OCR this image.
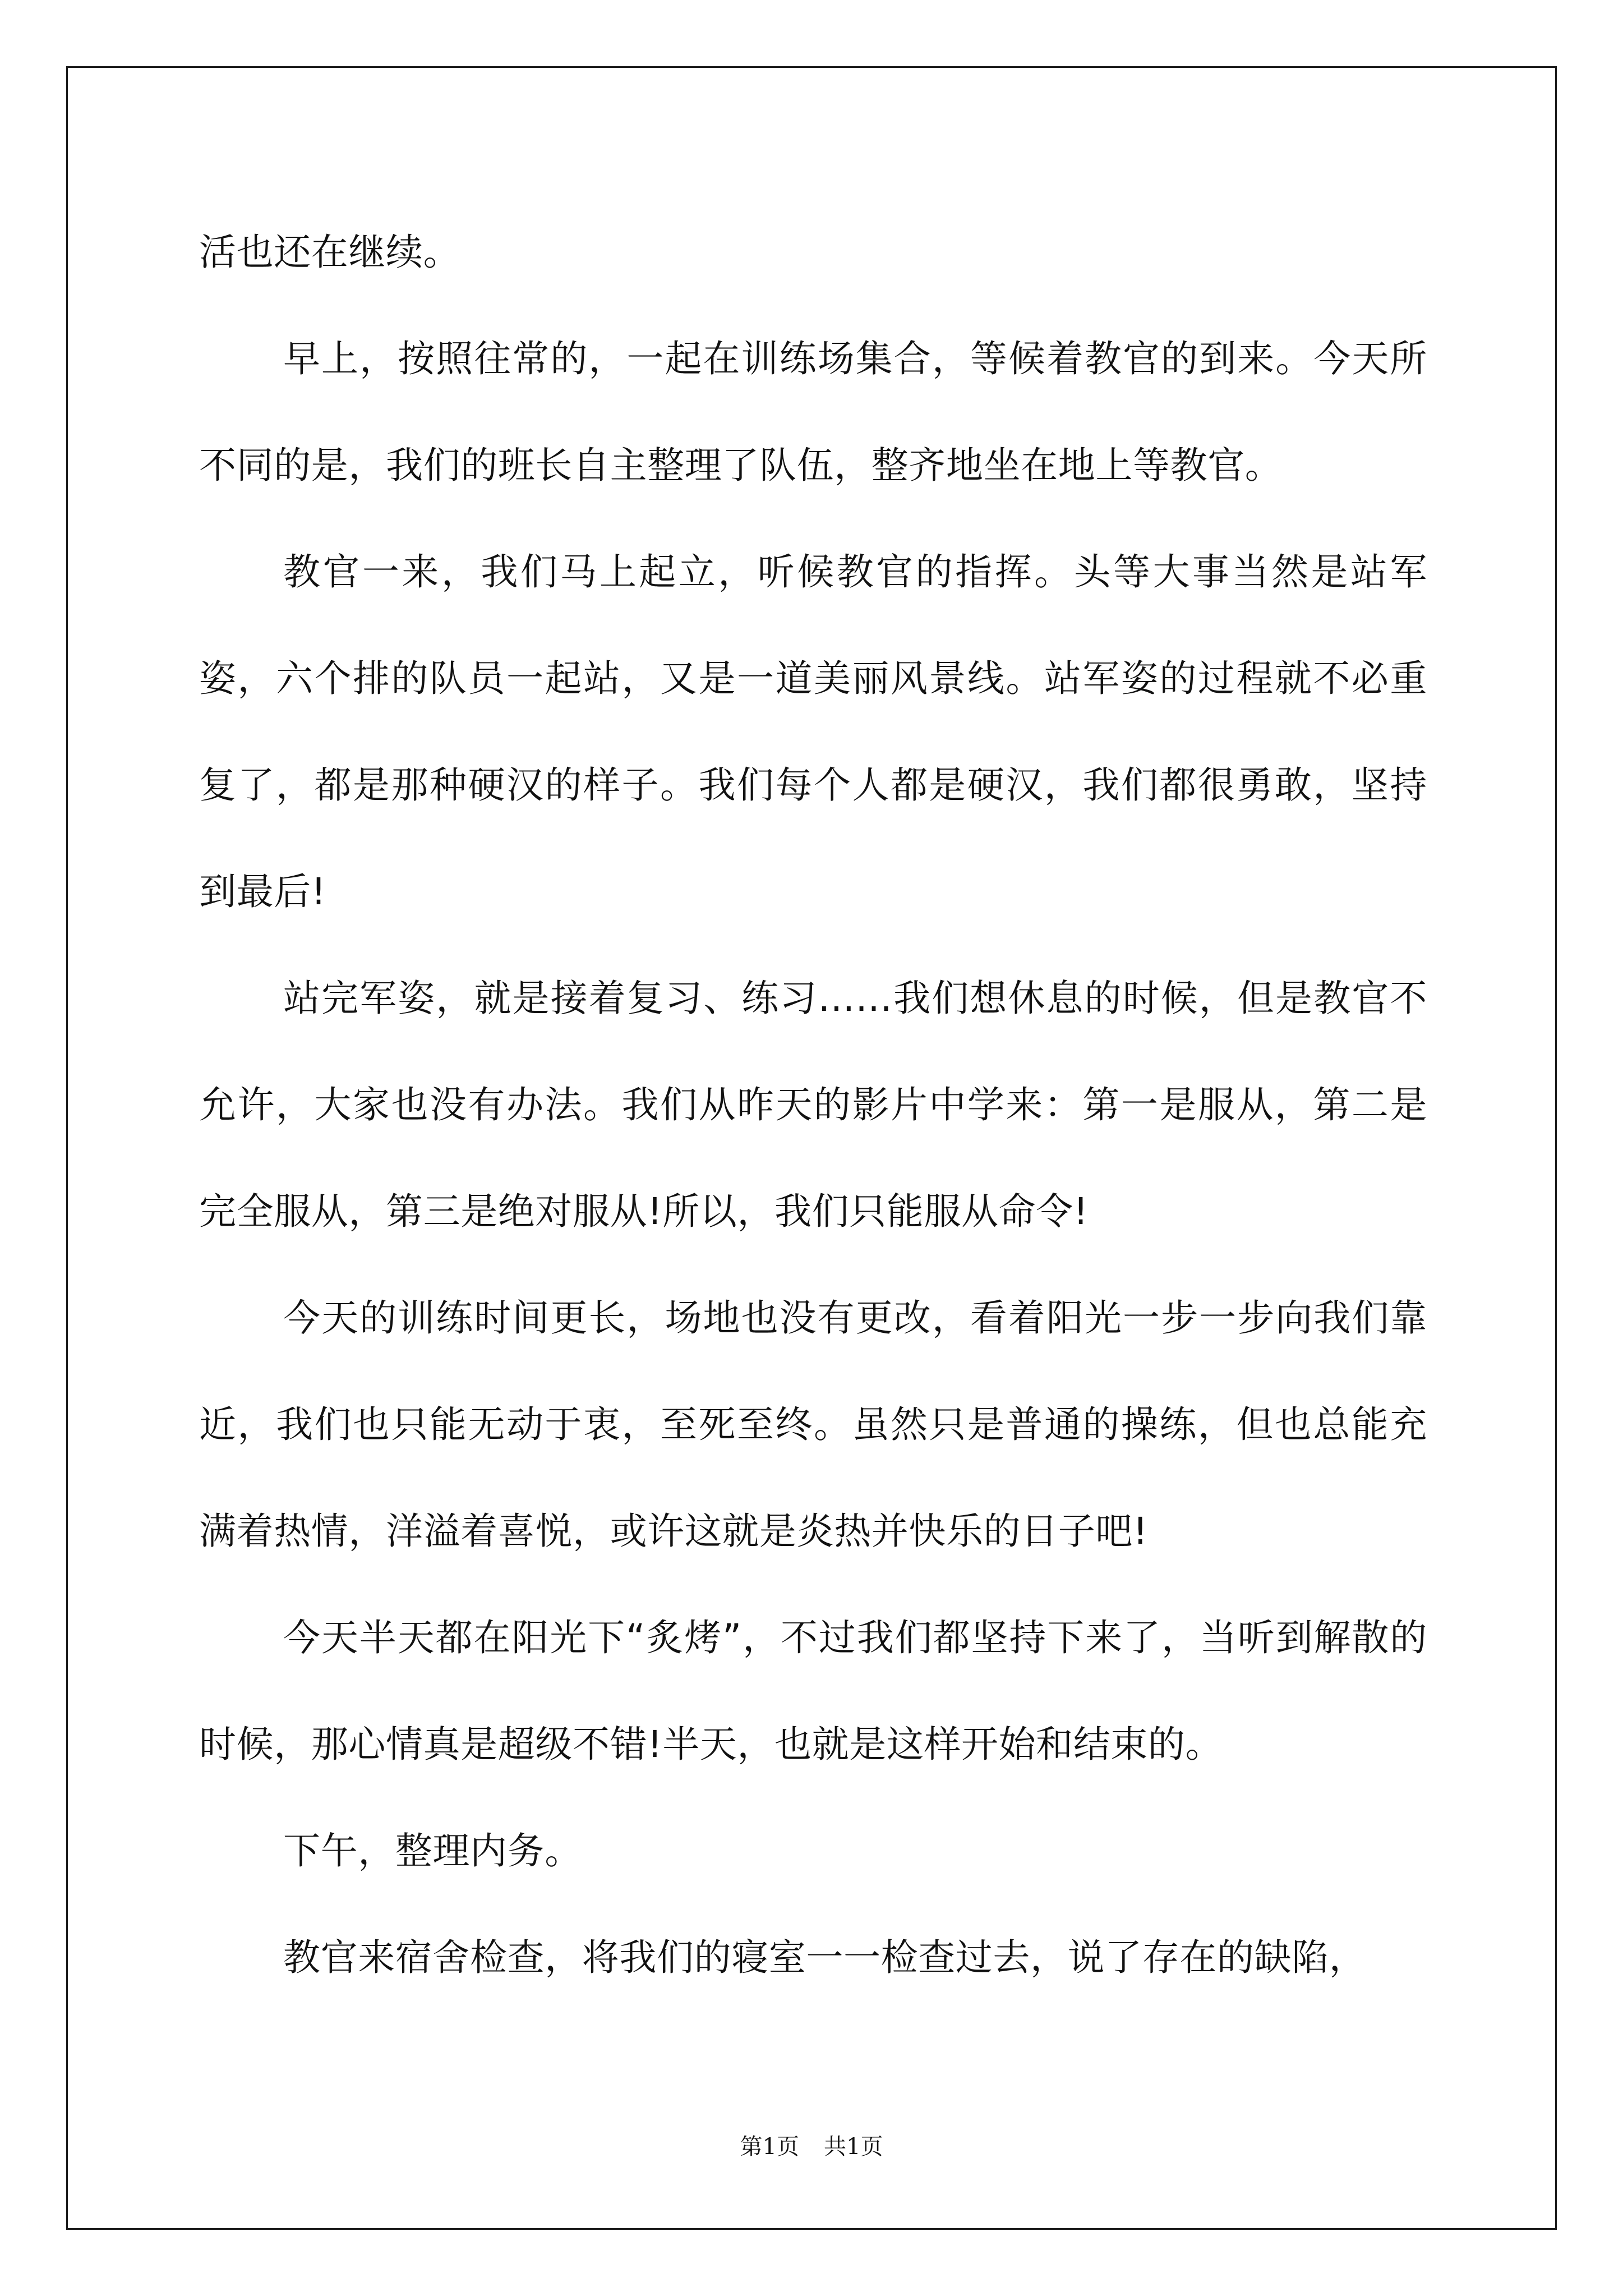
活也还在继续。

早上，按照往常的，一起在训练场集合，等候着教官的到来。今天所不同的是，我们的班长自主整理了队伍，整齐地坐在地上等教官。

教官一来，我们马上起立，听候教官的指挥。头等大事当然是站军姿，六个排的队员一起站，又是一道美丽风景线。站军姿的过程就不必重复了，都是那种硬汉的样子。我们每个人都是硬汉，我们都很勇敢，坚持到最后!

站完军姿，就是接着复习、练习……我们想休息的时候，但是教官不允许，大家也没有办法。我们从昨天的影片中学来：第一是服从，第二是完全服从，第三是绝对服从!所以，我们只能服从命令!

今天的训练时间更长，场地也没有更改，看着阳光一步一步向我们靠近，我们也只能无动于衷，至死至终。虽然只是普通的操练，但也总能充满着热情，洋溢着喜悦，或许这就是炎热并快乐的日子吧!

今天半天都在阳光下“炙烤”，不过我们都坚持下来了，当听到解散的时候，那心情真是超级不错!半天，也就是这样开始和结束的。

下午，整理内务。

教官来宿舍检查，将我们的寝室一一检查过去，说了存在的缺陷，

第1页 共1页
